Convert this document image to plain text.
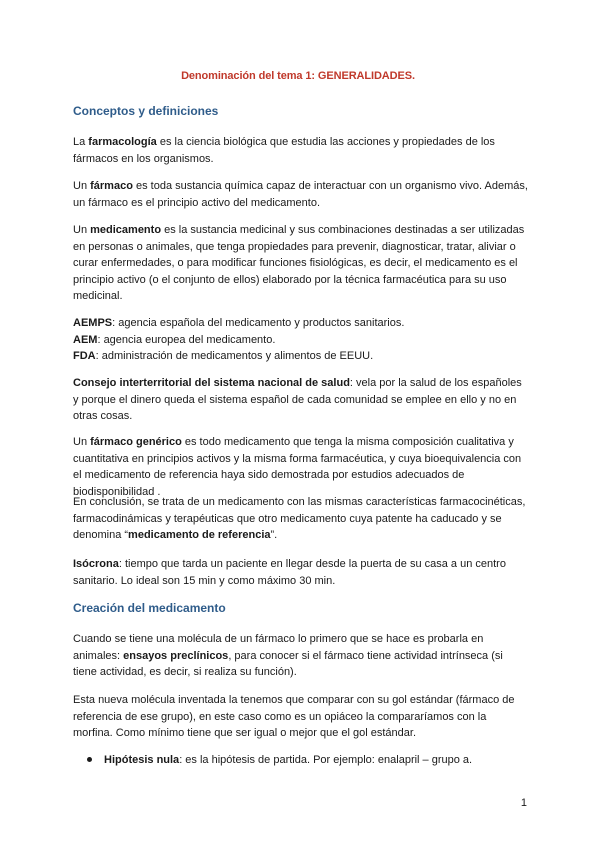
Denominación del tema 1: GENERALIDADES.
Conceptos y definiciones
La farmacología es la ciencia biológica que estudia las acciones y propiedades de los fármacos en los organismos.
Un fármaco es toda sustancia química capaz de interactuar con un organismo vivo. Además, un fármaco es el principio activo del medicamento.
Un medicamento es la sustancia medicinal y sus combinaciones destinadas a ser utilizadas en personas o animales, que tenga propiedades para prevenir, diagnosticar, tratar, aliviar o curar enfermedades, o para modificar funciones fisiológicas, es decir, el medicamento es el principio activo (o el conjunto de ellos) elaborado por la técnica farmacéutica para su uso medicinal.
AEMPS: agencia española del medicamento y productos sanitarios.
AEM: agencia europea del medicamento.
FDA: administración de medicamentos y alimentos de EEUU.
Consejo interterritorial del sistema nacional de salud: vela por la salud de los españoles y porque el dinero queda el sistema español de cada comunidad se emplee en ello y no en otras cosas.
Un fármaco genérico es todo medicamento que tenga la misma composición cualitativa y cuantitativa en principios activos y la misma forma farmacéutica, y cuya bioequivalencia con el medicamento de referencia haya sido demostrada por estudios adecuados de biodisponibilidad .
En conclusión, se trata de un medicamento con las mismas características farmacocinéticas, farmacodinámicas y terapéuticas que otro medicamento cuya patente ha caducado y se denomina “medicamento de referencia”.
Isócrona: tiempo que tarda un paciente en llegar desde la puerta de su casa a un centro sanitario. Lo ideal son 15 min y como máximo 30 min.
Creación del medicamento
Cuando se tiene una molécula de un fármaco lo primero que se hace es probarla en animales: ensayos preclínicos, para conocer si el fármaco tiene actividad intrínseca (si tiene actividad, es decir, si realiza su función).
Esta nueva molécula inventada la tenemos que comparar con su gol estándar (fármaco de referencia de ese grupo), en este caso como es un opiáceo la compararíamos con la morfina. Como mínimo tiene que ser igual o mejor que el gol estándar.
Hipótesis nula: es la hipótesis de partida. Por ejemplo: enalapril – grupo a.
1
